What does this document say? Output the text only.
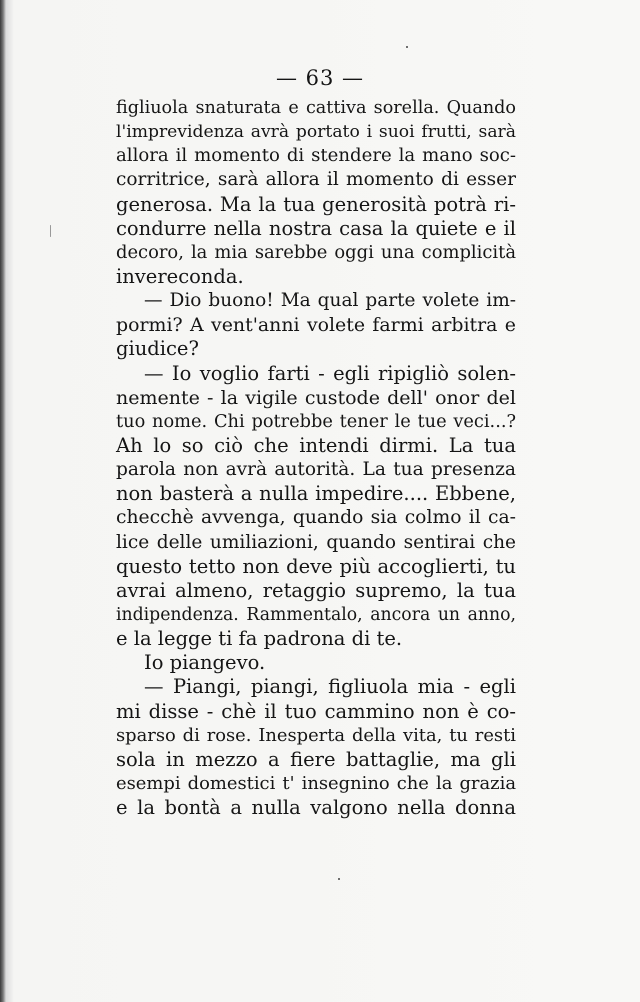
— 63 —
figliuola snaturata e cattiva sorella. Quando
l'imprevidenza avrà portato i suoi frutti, sarà
allora il momento di stendere la mano soc-
corritrice, sarà allora il momento di esser
generosa. Ma la tua generosità potrà ri-
condurre nella nostra casa la quiete e il
decoro, la mia sarebbe oggi una complicità
invereconda.
— Dio buono! Ma qual parte volete im-
pormi? A vent'anni volete farmi arbitra e
giudice?
— Io voglio farti - egli ripigliò solen-
nemente - la vigile custode dell' onor del
tuo nome. Chi potrebbe tener le tue veci...?
Ah lo so ciò che intendi dirmi. La tua
parola non avrà autorità. La tua presenza
non basterà a nulla impedire.... Ebbene,
checchè avvenga, quando sia colmo il ca-
lice delle umiliazioni, quando sentirai che
questo tetto non deve più accoglierti, tu
avrai almeno, retaggio supremo, la tua
indipendenza. Rammentalo, ancora un anno,
e la legge ti fa padrona di te.
Io piangevo.
— Piangi, piangi, figliuola mia - egli
mi disse - chè il tuo cammino non è co-
sparso di rose. Inesperta della vita, tu resti
sola in mezzo a fiere battaglie, ma gli
esempi domestici t' insegnino che la grazia
e la bontà a nulla valgono nella donna
